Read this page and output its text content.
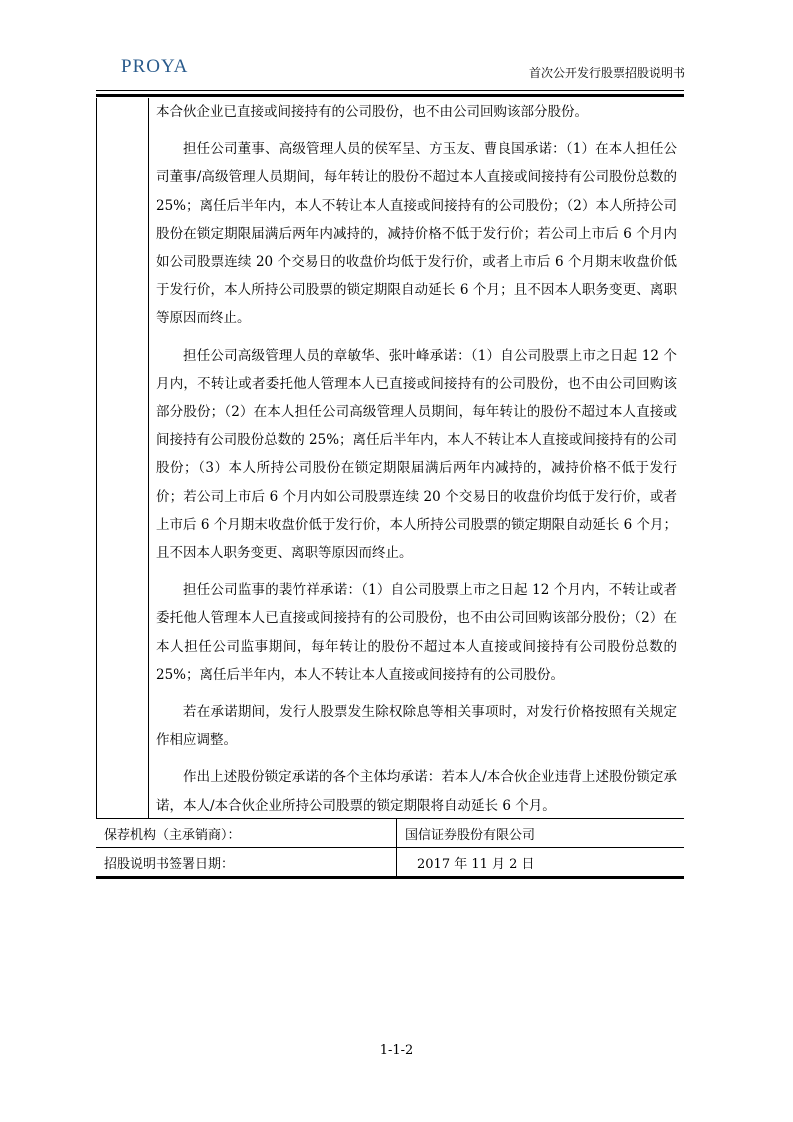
PROYA	首次公开发行股票招股说明书

本合伙企业已直接或间接持有的公司股份，也不由公司回购该部分股份。

担任公司董事、高级管理人员的侯军呈、方玉友、曹良国承诺：（1）在本人担任公司董事/高级管理人员期间，每年转让的股份不超过本人直接或间接持有公司股份总数的 25%；离任后半年内，本人不转让本人直接或间接持有的公司股份；（2）本人所持公司股份在锁定期限届满后两年内减持的，减持价格不低于发行价；若公司上市后 6 个月内如公司股票连续 20 个交易日的收盘价均低于发行价，或者上市后 6 个月期末收盘价低于发行价，本人所持公司股票的锁定期限自动延长 6 个月；且不因本人职务变更、离职等原因而终止。

担任公司高级管理人员的章敏华、张叶峰承诺：（1）自公司股票上市之日起 12 个月内，不转让或者委托他人管理本人已直接或间接持有的公司股份，也不由公司回购该部分股份；（2）在本人担任公司高级管理人员期间，每年转让的股份不超过本人直接或间接持有公司股份总数的 25%；离任后半年内，本人不转让本人直接或间接持有的公司股份；（3）本人所持公司股份在锁定期限届满后两年内减持的，减持价格不低于发行价；若公司上市后 6 个月内如公司股票连续 20 个交易日的收盘价均低于发行价，或者上市后 6 个月期末收盘价低于发行价，本人所持公司股票的锁定期限自动延长 6 个月；且不因本人职务变更、离职等原因而终止。

担任公司监事的裴竹祥承诺：（1）自公司股票上市之日起 12 个月内，不转让或者委托他人管理本人已直接或间接持有的公司股份，也不由公司回购该部分股份；（2）在本人担任公司监事期间，每年转让的股份不超过本人直接或间接持有公司股份总数的 25%；离任后半年内，本人不转让本人直接或间接持有的公司股份。

若在承诺期间，发行人股票发生除权除息等相关事项时，对发行价格按照有关规定作相应调整。

作出上述股份锁定承诺的各个主体均承诺：若本人/本合伙企业违背上述股份锁定承诺，本人/本合伙企业所持公司股票的锁定期限将自动延长 6 个月。

保荐机构（主承销商）：	国信证券股份有限公司
招股说明书签署日期：	2017 年 11 月 2 日
1-1-2
